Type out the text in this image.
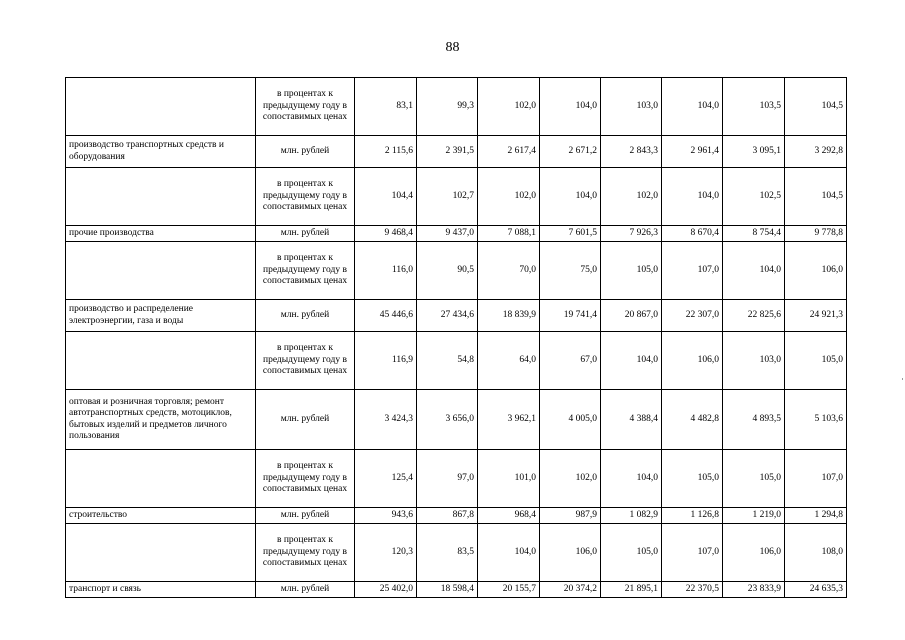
88
	в процентах к предыдущему году в сопоставимых ценах	83,1	99,3	102,0	104,0	103,0	104,0	103,5	104,5
производство транспортных средств и оборудования	млн. рублей	2 115,6	2 391,5	2 617,4	2 671,2	2 843,3	2 961,4	3 095,1	3 292,8
	в процентах к предыдущему году в сопоставимых ценах	104,4	102,7	102,0	104,0	102,0	104,0	102,5	104,5
прочие производства	млн. рублей	9 468,4	9 437,0	7 088,1	7 601,5	7 926,3	8 670,4	8 754,4	9 778,8
	в процентах к предыдущему году в сопоставимых ценах	116,0	90,5	70,0	75,0	105,0	107,0	104,0	106,0
производство и распределение электроэнергии, газа и воды	млн. рублей	45 446,6	27 434,6	18 839,9	19 741,4	20 867,0	22 307,0	22 825,6	24 921,3
	в процентах к предыдущему году в сопоставимых ценах	116,9	54,8	64,0	67,0	104,0	106,0	103,0	105,0
оптовая и розничная торговля; ремонт автотранспортных средств, мотоциклов, бытовых изделий и предметов личного пользования	млн. рублей	3 424,3	3 656,0	3 962,1	4 005,0	4 388,4	4 482,8	4 893,5	5 103,6
	в процентах к предыдущему году в сопоставимых ценах	125,4	97,0	101,0	102,0	104,0	105,0	105,0	107,0
строительство	млн. рублей	943,6	867,8	968,4	987,9	1 082,9	1 126,8	1 219,0	1 294,8
	в процентах к предыдущему году в сопоставимых ценах	120,3	83,5	104,0	106,0	105,0	107,0	106,0	108,0
транспорт и связь	млн. рублей	25 402,0	18 598,4	20 155,7	20 374,2	21 895,1	22 370,5	23 833,9	24 635,3
